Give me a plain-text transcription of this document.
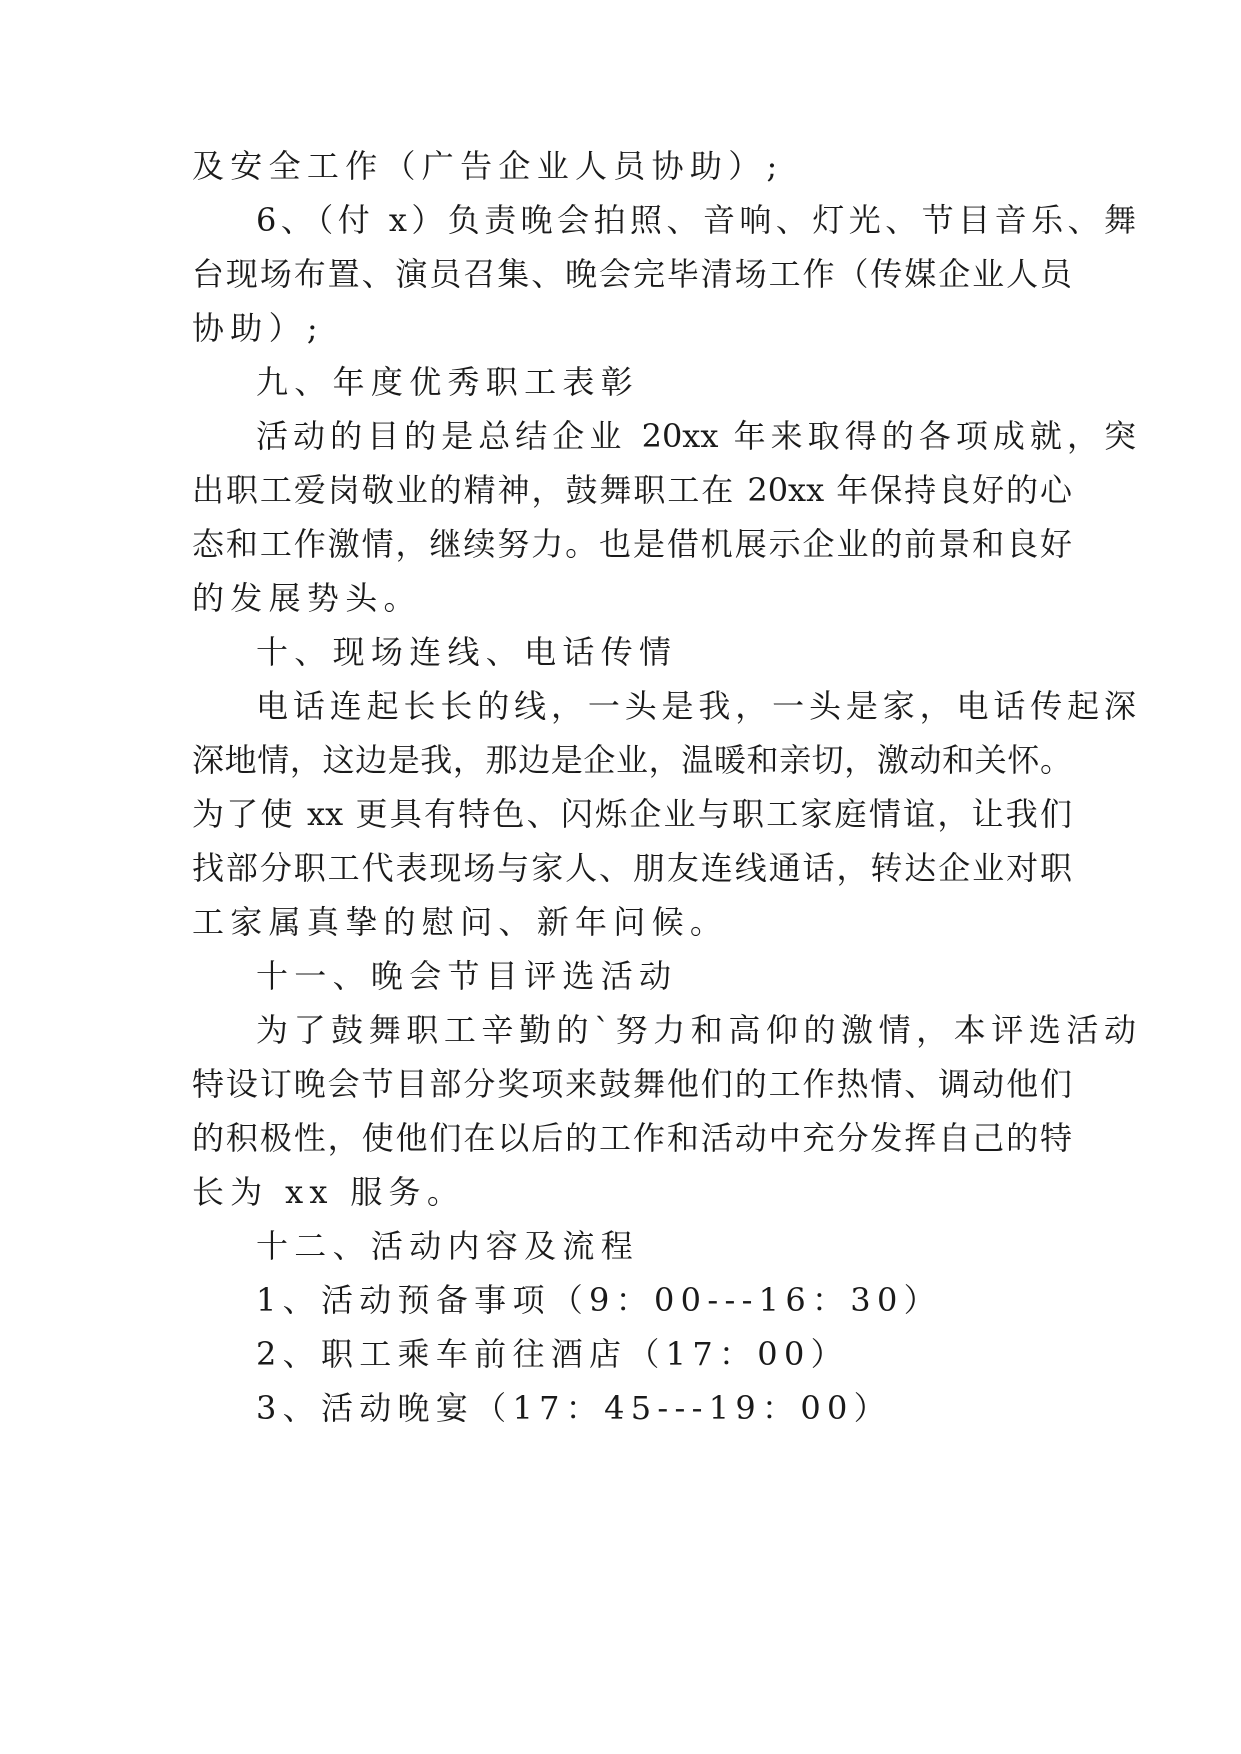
及安全工作（广告企业人员协助）;
6、（付 x）负责晚会拍照、音响、灯光、节目音乐、舞
台现场布置、演员召集、晚会完毕清场工作（传媒企业人员
协助）;
九、年度优秀职工表彰
活动的目的是总结企业 20xx 年来取得的各项成就，突
出职工爱岗敬业的精神，鼓舞职工在 20xx 年保持良好的心
态和工作激情，继续努力。也是借机展示企业的前景和良好
的发展势头。
十、现场连线、电话传情
电话连起长长的线，一头是我，一头是家，电话传起深
深地情，这边是我，那边是企业，温暖和亲切，激动和关怀。
为了使 xx 更具有特色、闪烁企业与职工家庭情谊，让我们
找部分职工代表现场与家人、朋友连线通话，转达企业对职
工家属真挚的慰问、新年问候。
十一、晚会节目评选活动
为了鼓舞职工辛勤的`努力和高仰的激情，本评选活动
特设订晚会节目部分奖项来鼓舞他们的工作热情、调动他们
的积极性，使他们在以后的工作和活动中充分发挥自己的特
长为 xx 服务。
十二、活动内容及流程
1、活动预备事项（9：00---16：30）
2、职工乘车前往酒店（17：00）
3、活动晚宴（17：45---19：00）
